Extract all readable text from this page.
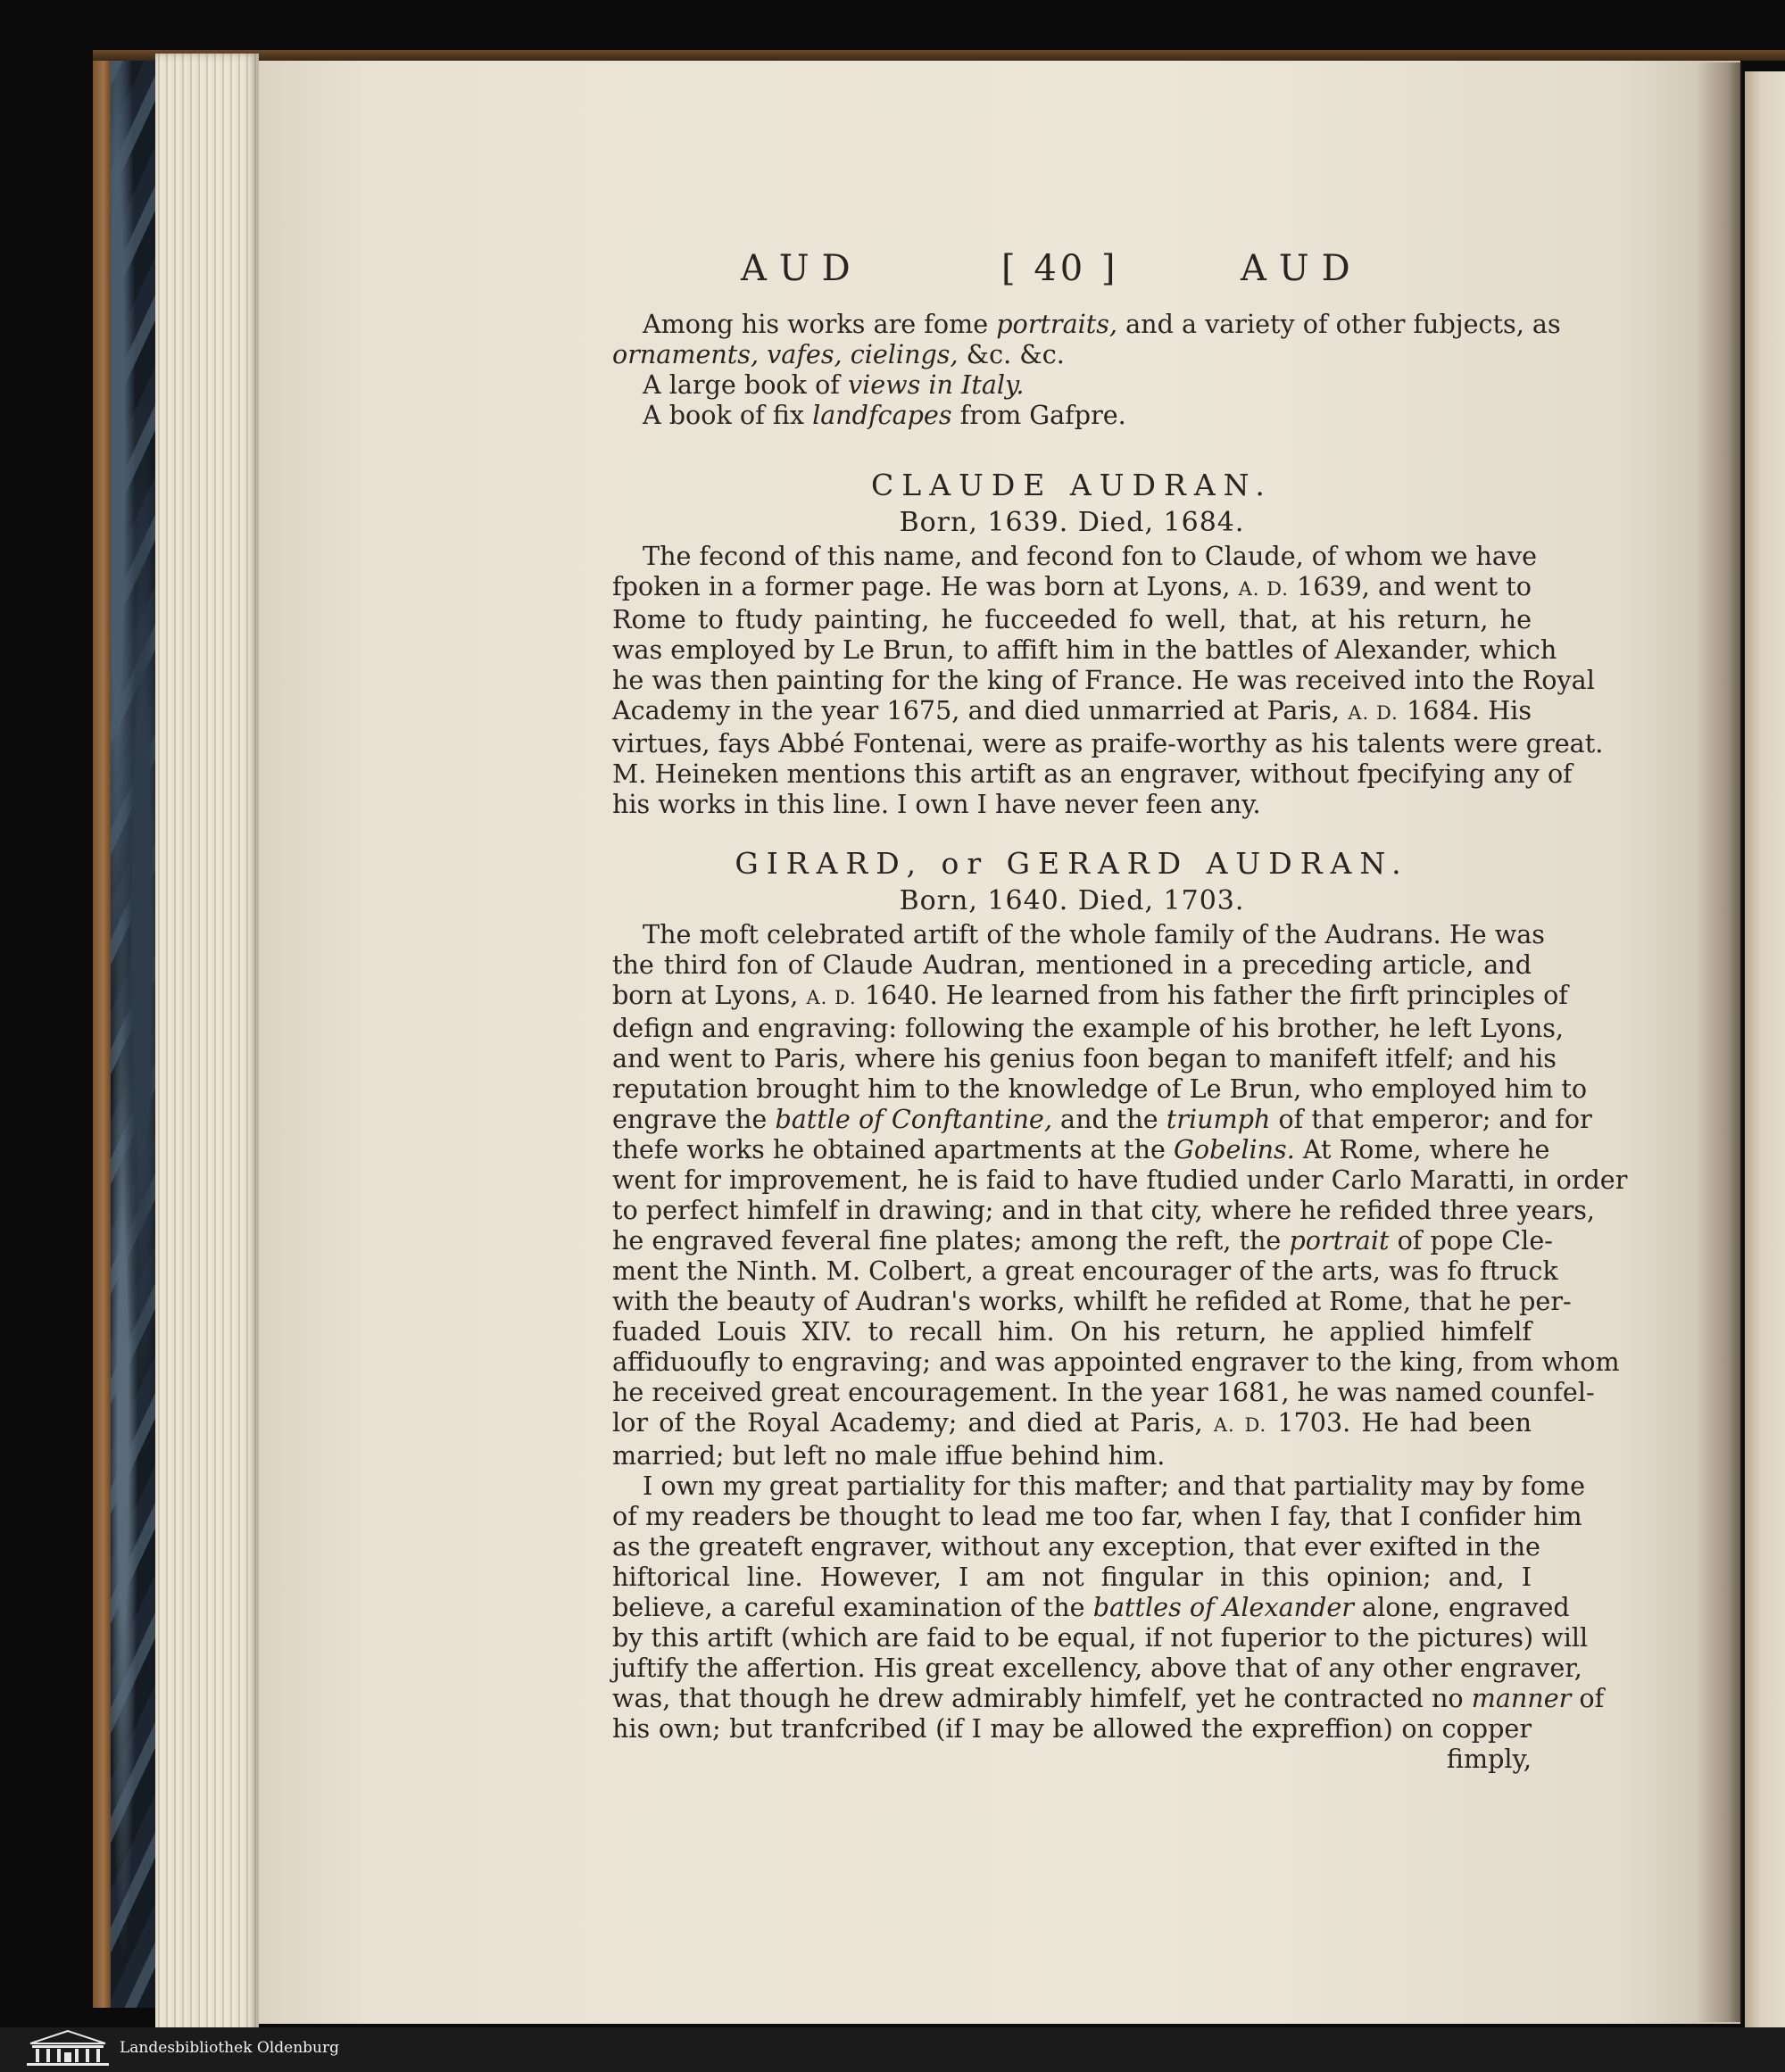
AUD	[ 40 ]	AUD
Among his works are fome portraits, and a variety of other fubjects, as
ornaments, vafes, cielings, &c. &c.
A large book of views in Italy.
A book of fix landfcapes from Gafpre.
CLAUDE AUDRAN.
Born, 1639. Died, 1684.
The fecond of this name, and fecond fon to Claude, of whom we have
fpoken in a former page. He was born at Lyons, A. D. 1639, and went to
Rome to ftudy painting, he fucceeded fo well, that, at his return, he
was employed by Le Brun, to affift him in the battles of Alexander, which
he was then painting for the king of France. He was received into the Royal
Academy in the year 1675, and died unmarried at Paris, A. D. 1684. His
virtues, fays Abbé Fontenai, were as praife-worthy as his talents were great.
M. Heineken mentions this artift as an engraver, without fpecifying any of
his works in this line. I own I have never feen any.
GIRARD, or GERARD AUDRAN.
Born, 1640. Died, 1703.
The moft celebrated artift of the whole family of the Audrans. He was
the third fon of Claude Audran, mentioned in a preceding article, and
born at Lyons, A. D. 1640. He learned from his father the firft principles of
defign and engraving: following the example of his brother, he left Lyons,
and went to Paris, where his genius foon began to manifeft itfelf; and his
reputation brought him to the knowledge of Le Brun, who employed him to
engrave the battle of Conftantine, and the triumph of that emperor; and for
thefe works he obtained apartments at the Gobelins. At Rome, where he
went for improvement, he is faid to have ftudied under Carlo Maratti, in order
to perfect himfelf in drawing; and in that city, where he refided three years,
he engraved feveral fine plates; among the reft, the portrait of pope Cle-
ment the Ninth. M. Colbert, a great encourager of the arts, was fo ftruck
with the beauty of Audran's works, whilft he refided at Rome, that he per-
fuaded Louis XIV. to recall him. On his return, he applied himfelf
affiduoufly to engraving; and was appointed engraver to the king, from whom
he received great encouragement. In the year 1681, he was named counfel-
lor of the Royal Academy; and died at Paris, A. D. 1703. He had been
married; but left no male iffue behind him.
I own my great partiality for this mafter; and that partiality may by fome
of my readers be thought to lead me too far, when I fay, that I confider him
as the greateft engraver, without any exception, that ever exifted in the
hiftorical line. However, I am not fingular in this opinion; and, I
believe, a careful examination of the battles of Alexander alone, engraved
by this artift (which are faid to be equal, if not fuperior to the pictures) will
juftify the affertion. His great excellency, above that of any other engraver,
was, that though he drew admirably himfelf, yet he contracted no manner of
his own; but tranfcribed (if I may be allowed the expreffion) on copper
fimply,
Landesbibliothek Oldenburg
